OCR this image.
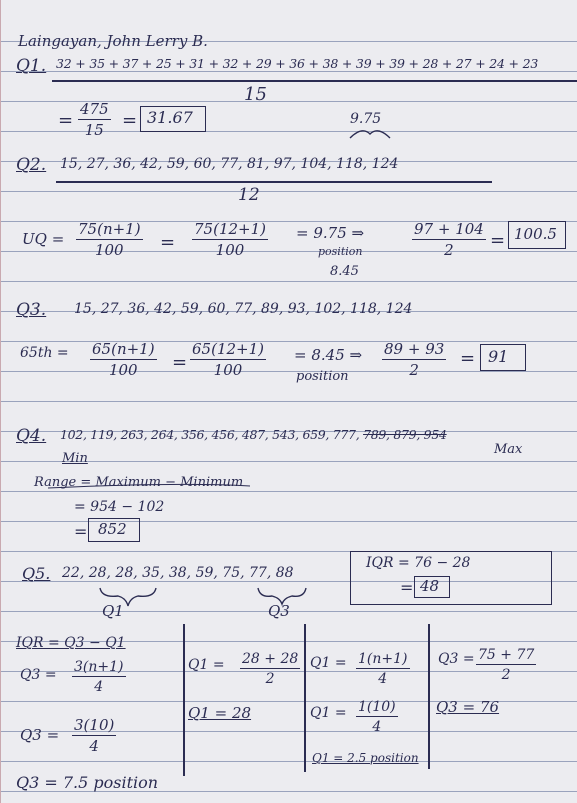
Laingayan, John Lerry B.
Q1. 32 + 35 + 37 + 25 + 31 + 32 + 29 + 36 + 38 + 39 + 39 + 28 + 27 + 24 + 23
15
9.75
= $\frac{475}{15} = 31.67$
Q2. 15, 27, 36, 42, 59, 60, 77, 81, 97, 104, 118, 124
12
UQ = $\frac{75(n+1)}{100} = \frac{75(12+1)}{100} = 9.75$ ⇒
position
8.45
$\frac{97 + 104}{2} = 100.5$
Q3. 15, 27, 36, 42, 59, 60, 77, 89, 93, 102, 118, 124
$65th = \frac{65(n+1)}{100} = \frac{65(12+1)}{100} = 8.45$ ⇒
position $\frac{89 + 93}{2} = 91$
Q4. 102, 119, 263, 264, 356, 456, 487, 543, 659, 777, 789, 879, 954
Min
Max
Range = Maximum − Minimum
= 954 − 102
= 852
Q5. 22, 28, 28, 35, 38, 59, 75, 77, 88
Q1	Q3
IQR = 76 − 28
= 48
IQR = Q3 − Q1
$Q3 = \frac{3(n+1)}{4}$
$Q3 = \frac{3(10)}{4}$
Q3 = 7.5 position
$Q1 = \frac{28 + 28}{2}$
Q1 = 28
$Q1 = \frac{1(n+1)}{4}$
$Q1 = \frac{1(10)}{4}$
Q1 = 2.5 position
$Q3 = \frac{75 + 77}{2}$
Q3 = 76
